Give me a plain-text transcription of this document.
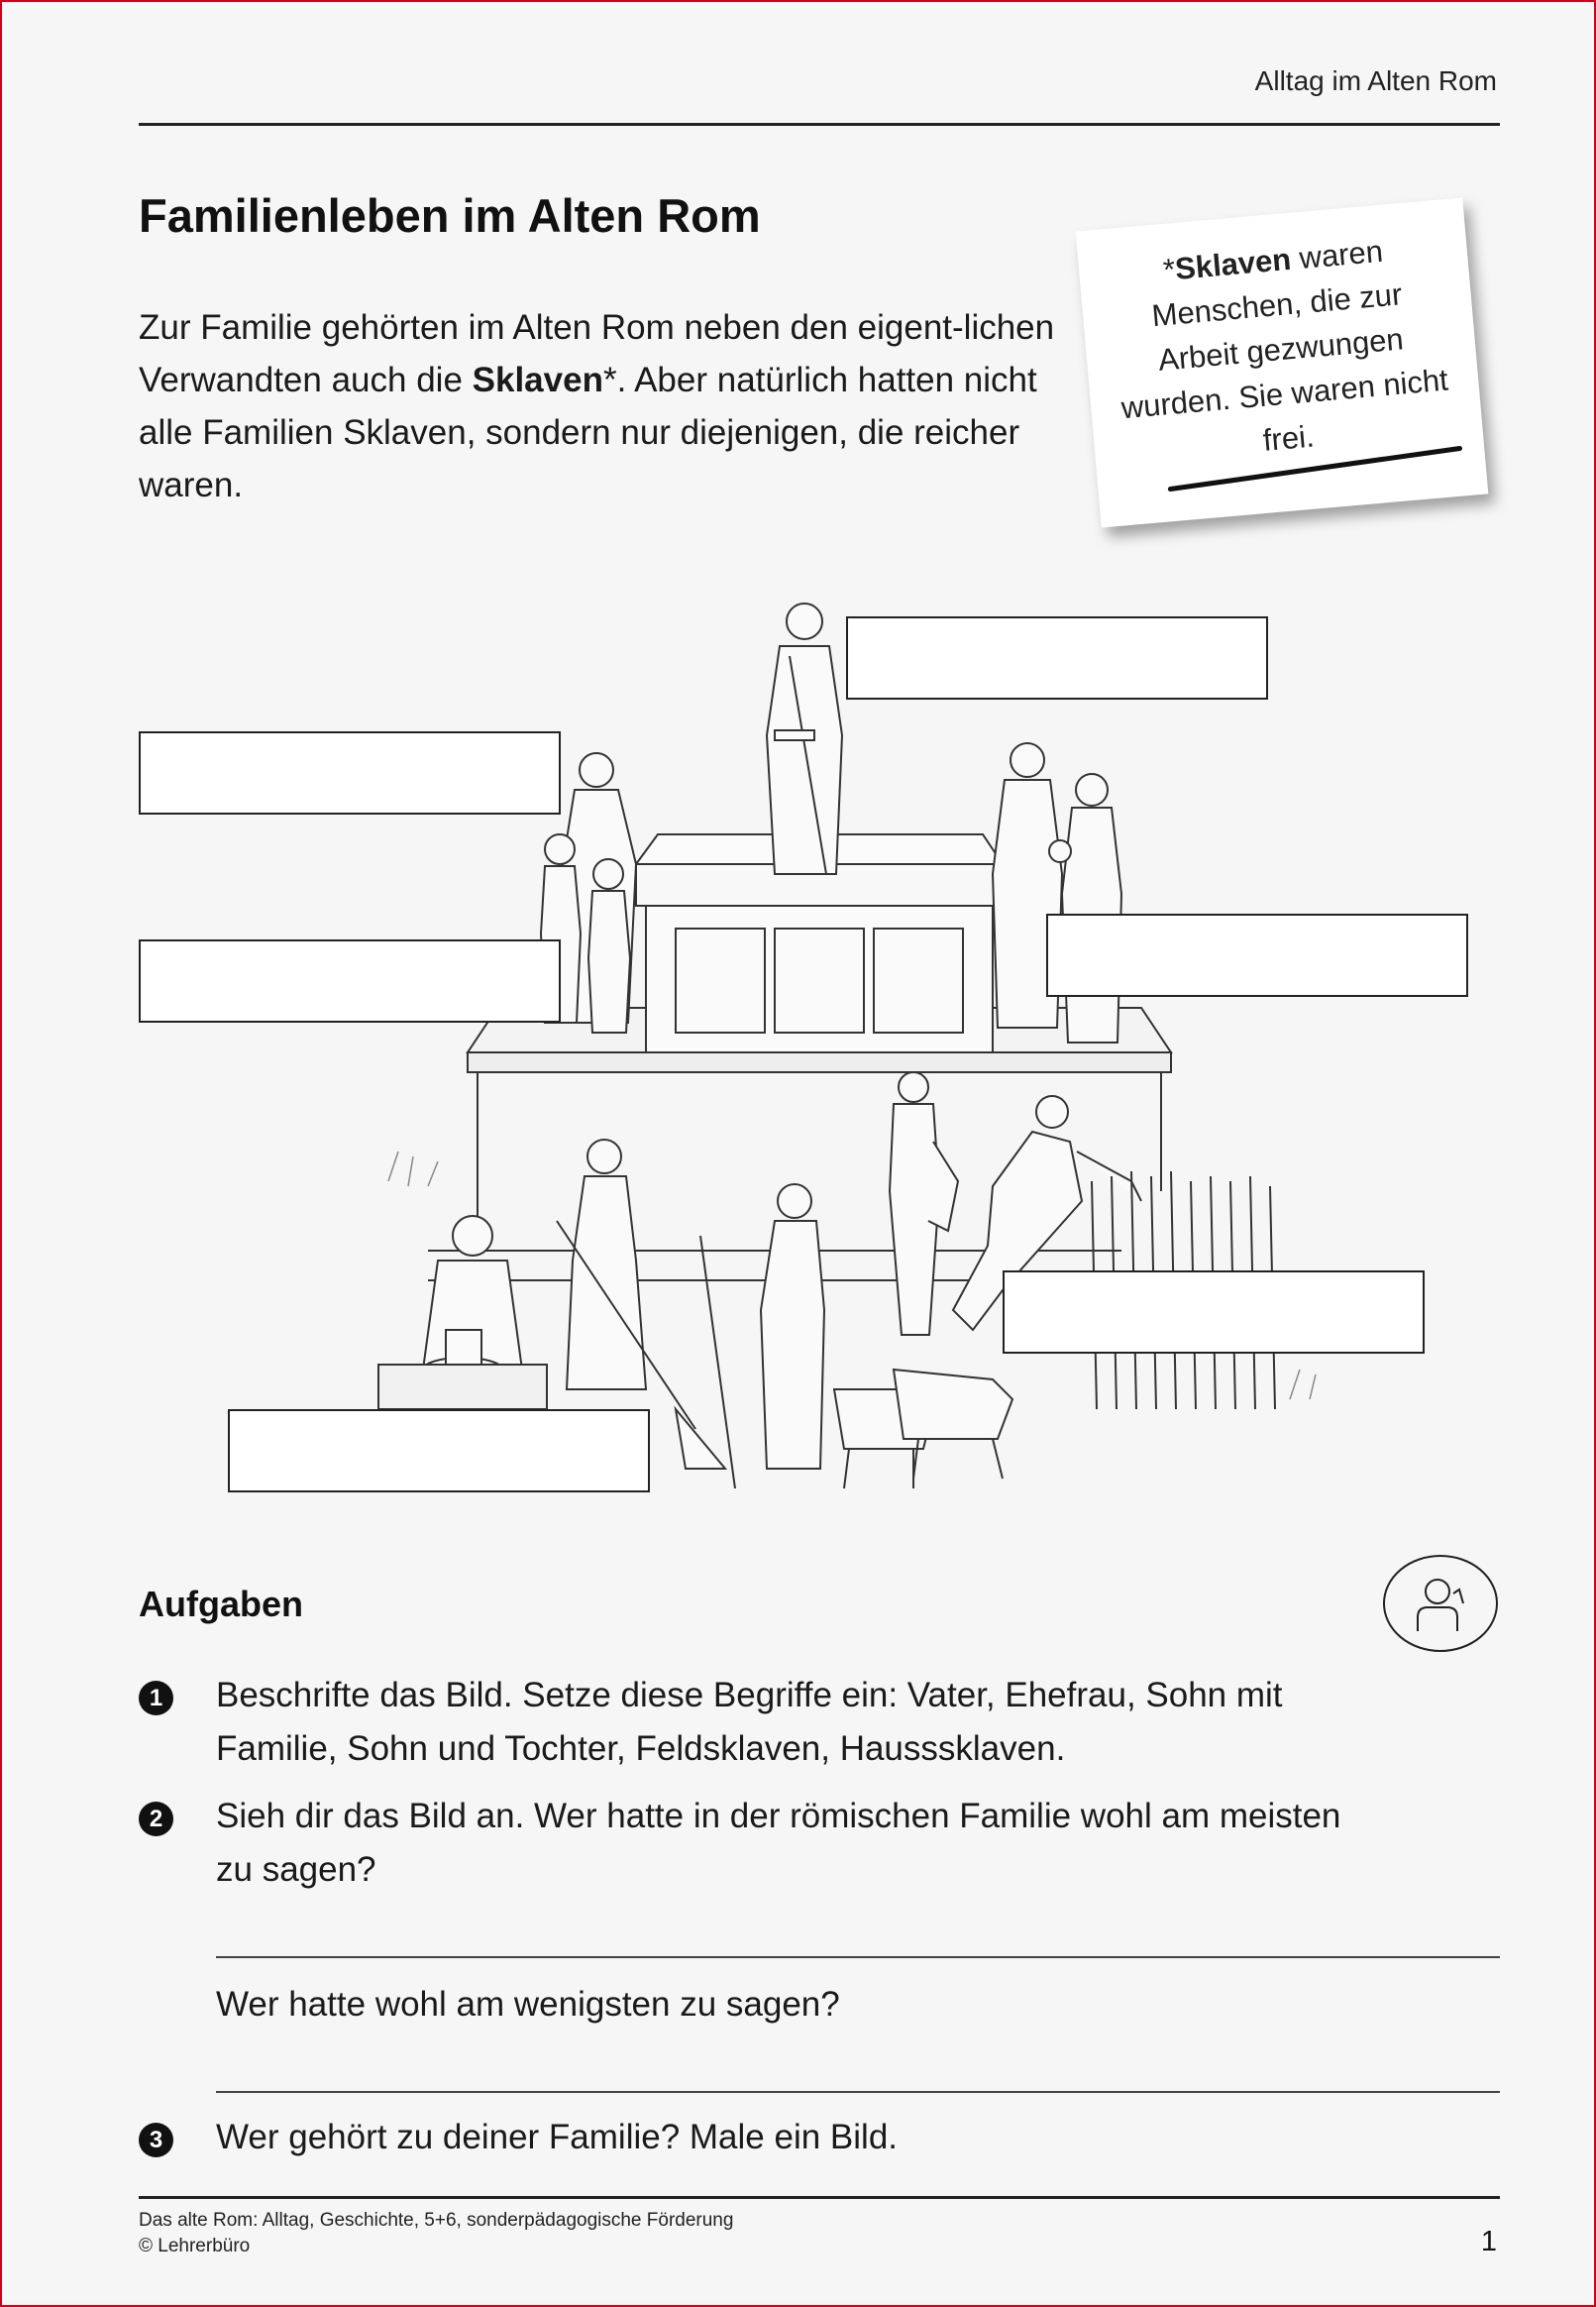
Alltag im Alten Rom
Familienleben im Alten Rom

Zur Familie gehörten im Alten Rom neben den eigent-lichen Verwandten auch die Sklaven*. Aber natürlich hatten nicht alle Familien Sklaven, sondern nur diejenigen, die reicher waren.

*Sklaven waren Menschen, die zur Arbeit gezwungen wurden. Sie waren nicht frei.

Aufgaben
1	Beschrifte das Bild. Setze diese Begriffe ein: Vater, Ehefrau, Sohn mit Familie, Sohn und Tochter, Feldsklaven, Hausssklaven.
2	Sieh dir das Bild an. Wer hatte in der römischen Familie wohl am meisten zu sagen?
Wer hatte wohl am wenigsten zu sagen?
3	Wer gehört zu deiner Familie? Male ein Bild.
Das alte Rom: Alltag, Geschichte, 5+6, sonderpädagogische Förderung
© Lehrerbüro	1
